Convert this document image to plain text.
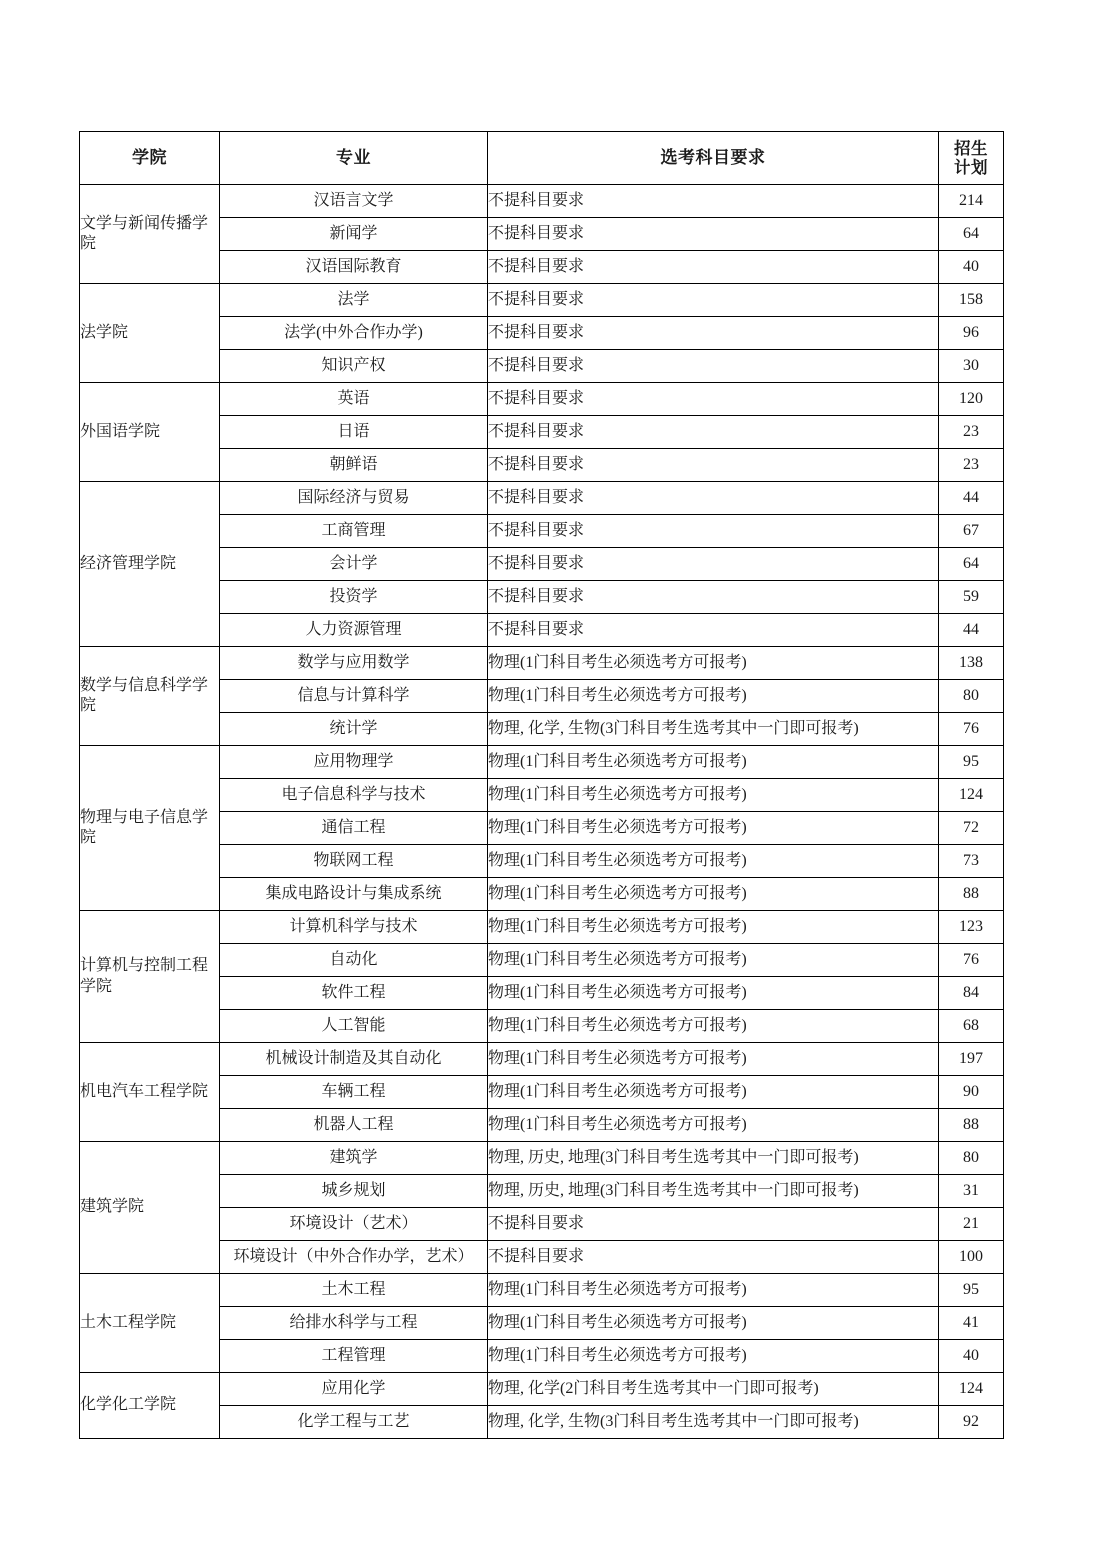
学院	专业	选考科目要求	招生
计划

文学与新闻传播学院	汉语言文学	不提科目要求	214
	新闻学	不提科目要求	64
	汉语国际教育	不提科目要求	40
法学院	法学	不提科目要求	158
	法学(中外合作办学)	不提科目要求	96
	知识产权	不提科目要求	30
外国语学院	英语	不提科目要求	120
	日语	不提科目要求	23
	朝鲜语	不提科目要求	23
经济管理学院	国际经济与贸易	不提科目要求	44
	工商管理	不提科目要求	67
	会计学	不提科目要求	64
	投资学	不提科目要求	59
	人力资源管理	不提科目要求	44
数学与信息科学学院	数学与应用数学	物理(1门科目考生必须选考方可报考)	138
	信息与计算科学	物理(1门科目考生必须选考方可报考)	80
	统计学	物理, 化学, 生物(3门科目考生选考其中一门即可报考)	76
物理与电子信息学院	应用物理学	物理(1门科目考生必须选考方可报考)	95
	电子信息科学与技术	物理(1门科目考生必须选考方可报考)	124
	通信工程	物理(1门科目考生必须选考方可报考)	72
	物联网工程	物理(1门科目考生必须选考方可报考)	73
	集成电路设计与集成系统	物理(1门科目考生必须选考方可报考)	88
计算机与控制工程学院	计算机科学与技术	物理(1门科目考生必须选考方可报考)	123
	自动化	物理(1门科目考生必须选考方可报考)	76
	软件工程	物理(1门科目考生必须选考方可报考)	84
	人工智能	物理(1门科目考生必须选考方可报考)	68
机电汽车工程学院	机械设计制造及其自动化	物理(1门科目考生必须选考方可报考)	197
	车辆工程	物理(1门科目考生必须选考方可报考)	90
	机器人工程	物理(1门科目考生必须选考方可报考)	88
建筑学院	建筑学	物理, 历史, 地理(3门科目考生选考其中一门即可报考)	80
	城乡规划	物理, 历史, 地理(3门科目考生选考其中一门即可报考)	31
	环境设计（艺术）	不提科目要求	21
	环境设计（中外合作办学，艺术）	不提科目要求	100
土木工程学院	土木工程	物理(1门科目考生必须选考方可报考)	95
	给排水科学与工程	物理(1门科目考生必须选考方可报考)	41
	工程管理	物理(1门科目考生必须选考方可报考)	40
化学化工学院	应用化学	物理, 化学(2门科目考生选考其中一门即可报考)	124
	化学工程与工艺	物理, 化学, 生物(3门科目考生选考其中一门即可报考)	92
